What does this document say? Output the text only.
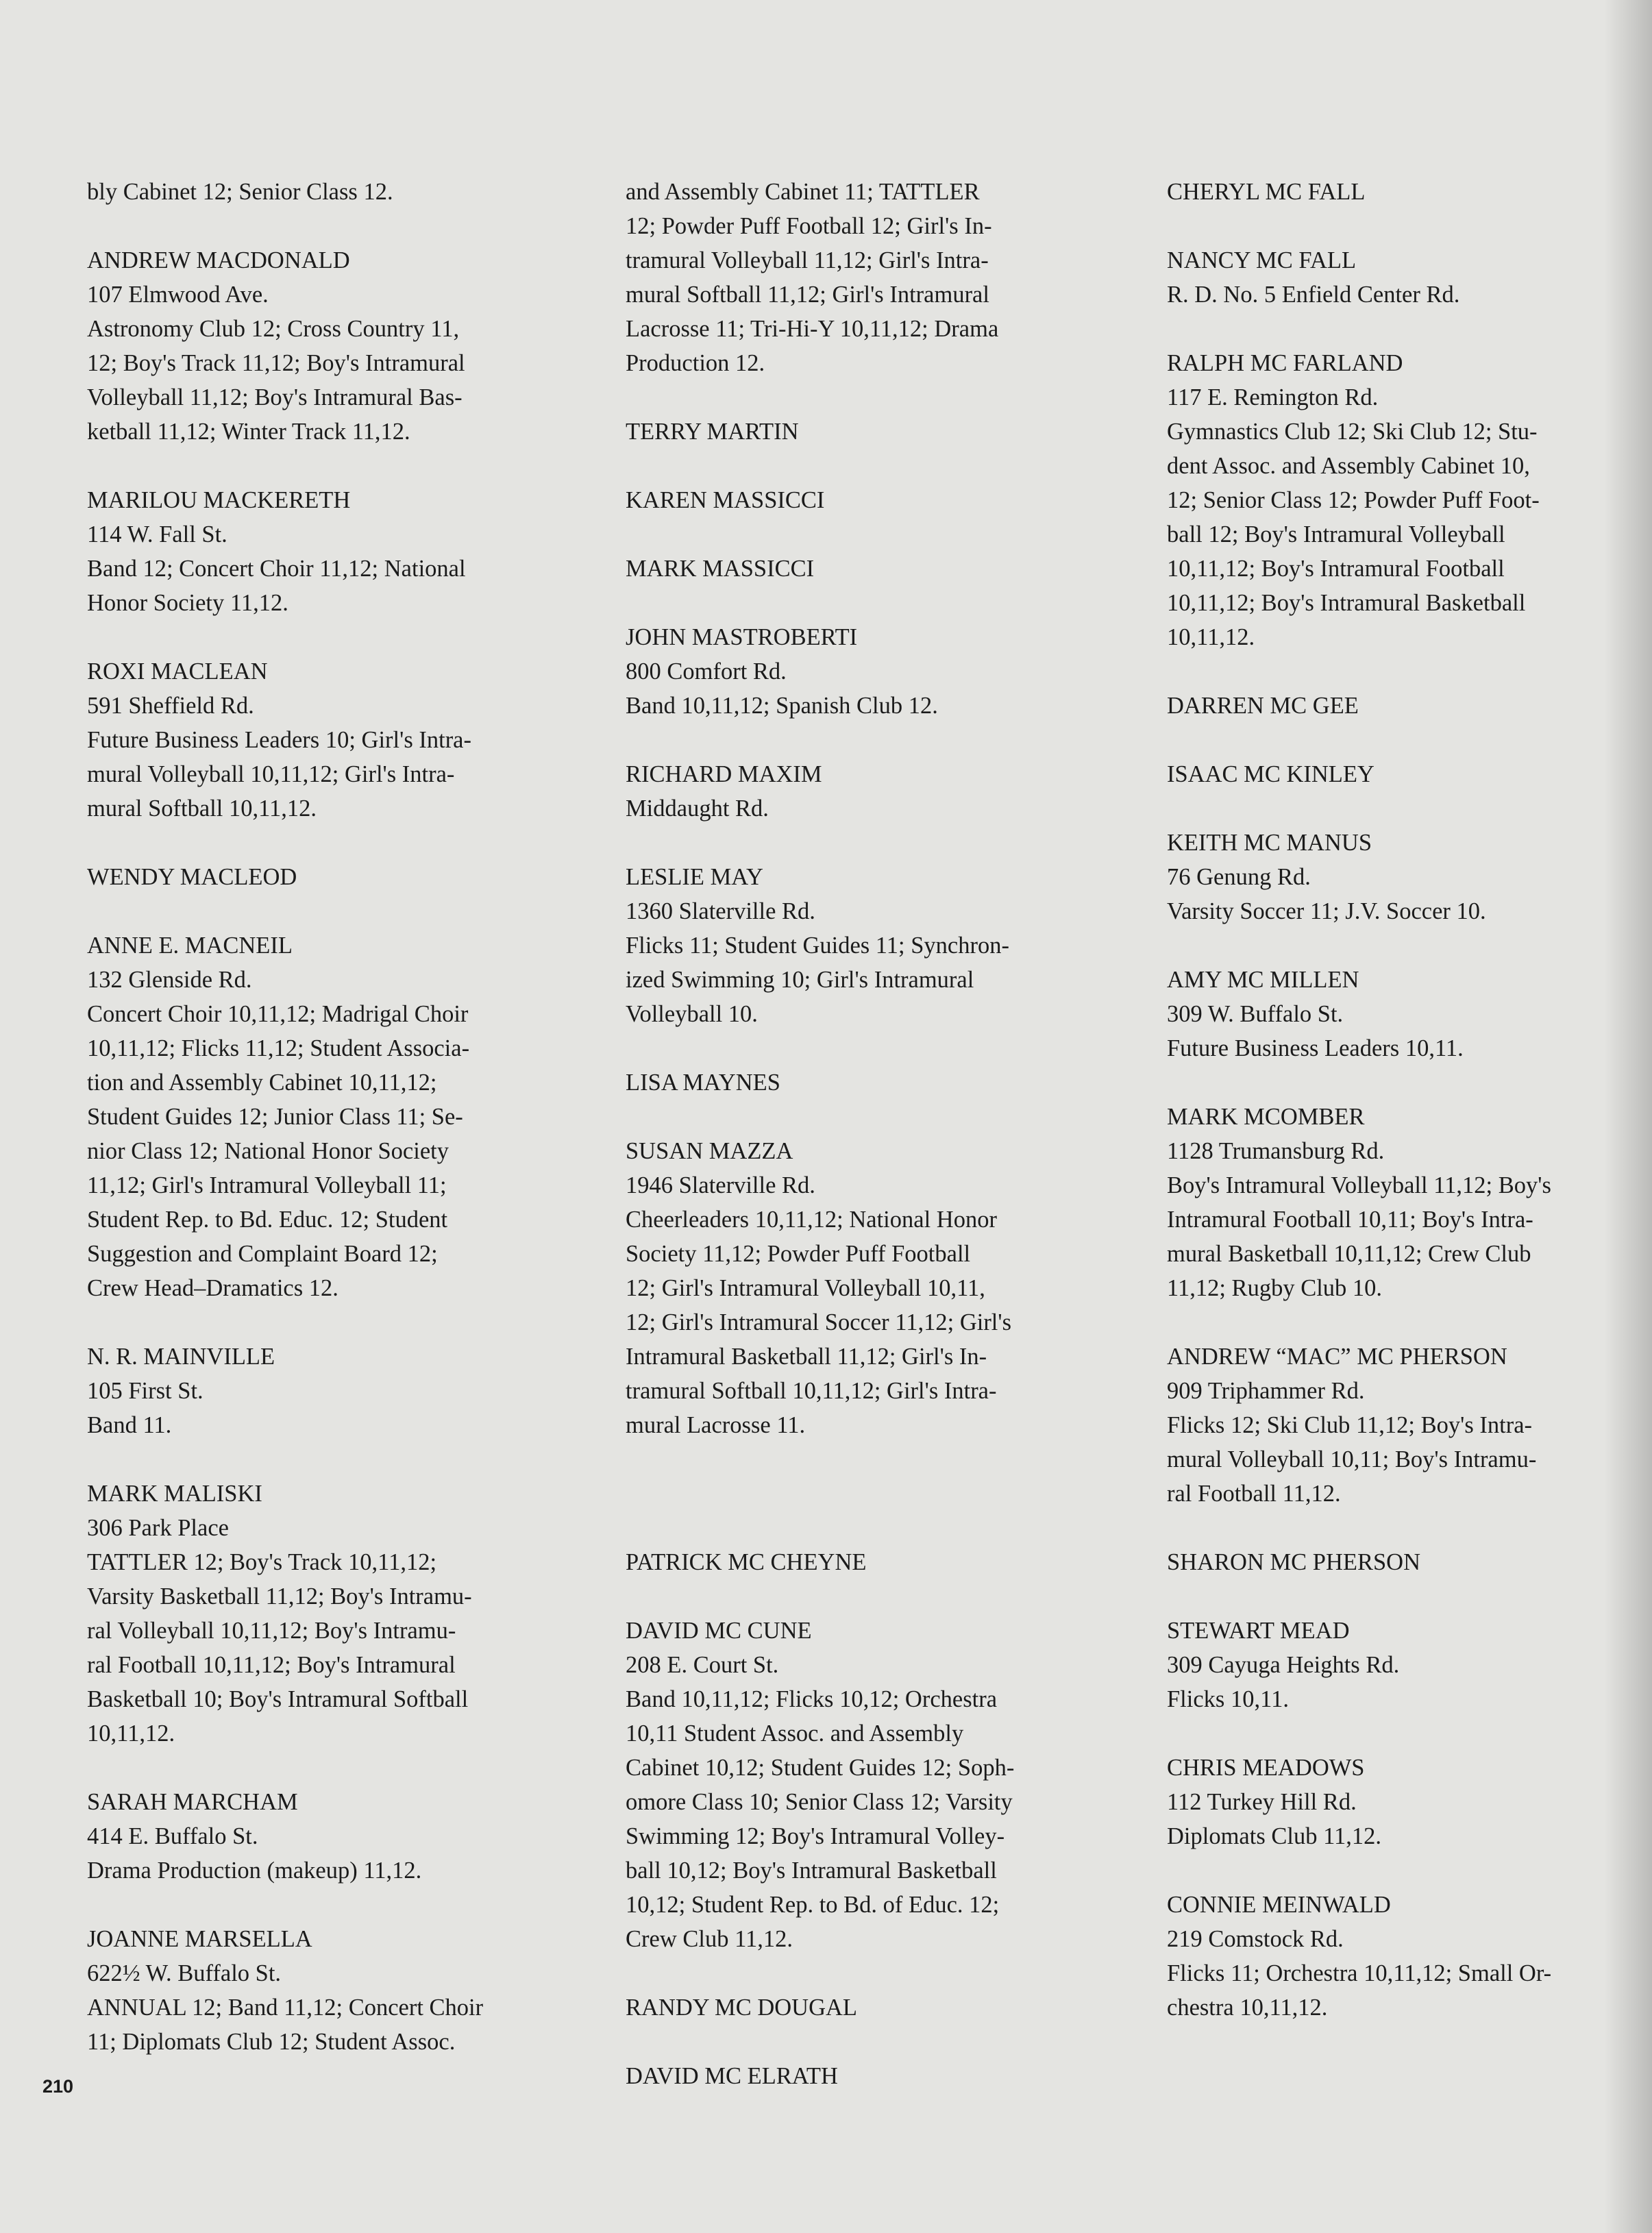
bly Cabinet 12; Senior Class 12.
ANDREW MACDONALD
107 Elmwood Ave.
Astronomy Club 12; Cross Country 11,
12; Boy's Track 11,12; Boy's Intramural
Volleyball 11,12; Boy's Intramural Bas-
ketball 11,12; Winter Track 11,12.
MARILOU MACKERETH
114 W. Fall St.
Band 12; Concert Choir 11,12; National
Honor Society 11,12.
ROXI MACLEAN
591 Sheffield Rd.
Future Business Leaders 10; Girl's Intra-
mural Volleyball 10,11,12; Girl's Intra-
mural Softball 10,11,12.
WENDY MACLEOD
ANNE E. MACNEIL
132 Glenside Rd.
Concert Choir 10,11,12; Madrigal Choir
10,11,12; Flicks 11,12; Student Associa-
tion and Assembly Cabinet 10,11,12;
Student Guides 12; Junior Class 11; Se-
nior Class 12; National Honor Society
11,12; Girl's Intramural Volleyball 11;
Student Rep. to Bd. Educ. 12; Student
Suggestion and Complaint Board 12;
Crew Head–Dramatics 12.
N. R. MAINVILLE
105 First St.
Band 11.
MARK MALISKI
306 Park Place
TATTLER 12; Boy's Track 10,11,12;
Varsity Basketball 11,12; Boy's Intramu-
ral Volleyball 10,11,12; Boy's Intramu-
ral Football 10,11,12; Boy's Intramural
Basketball 10; Boy's Intramural Softball
10,11,12.
SARAH MARCHAM
414 E. Buffalo St.
Drama Production (makeup) 11,12.
JOANNE MARSELLA
622½ W. Buffalo St.
ANNUAL 12; Band 11,12; Concert Choir
11; Diplomats Club 12; Student Assoc.
and Assembly Cabinet 11; TATTLER
12; Powder Puff Football 12; Girl's In-
tramural Volleyball 11,12; Girl's Intra-
mural Softball 11,12; Girl's Intramural
Lacrosse 11; Tri-Hi-Y 10,11,12; Drama
Production 12.
TERRY MARTIN
KAREN MASSICCI
MARK MASSICCI
JOHN MASTROBERTI
800 Comfort Rd.
Band 10,11,12; Spanish Club 12.
RICHARD MAXIM
Middaught Rd.
LESLIE MAY
1360 Slaterville Rd.
Flicks 11; Student Guides 11; Synchron-
ized Swimming 10; Girl's Intramural
Volleyball 10.
LISA MAYNES
SUSAN MAZZA
1946 Slaterville Rd.
Cheerleaders 10,11,12; National Honor
Society 11,12; Powder Puff Football
12; Girl's Intramural Volleyball 10,11,
12; Girl's Intramural Soccer 11,12; Girl's
Intramural Basketball 11,12; Girl's In-
tramural Softball 10,11,12; Girl's Intra-
mural Lacrosse 11.
PATRICK MC CHEYNE
DAVID MC CUNE
208 E. Court St.
Band 10,11,12; Flicks 10,12; Orchestra
10,11 Student Assoc. and Assembly
Cabinet 10,12; Student Guides 12; Soph-
omore Class 10; Senior Class 12; Varsity
Swimming 12; Boy's Intramural Volley-
ball 10,12; Boy's Intramural Basketball
10,12; Student Rep. to Bd. of Educ. 12;
Crew Club 11,12.
RANDY MC DOUGAL
DAVID MC ELRATH
CHERYL MC FALL
NANCY MC FALL
R. D. No. 5 Enfield Center Rd.
RALPH MC FARLAND
117 E. Remington Rd.
Gymnastics Club 12; Ski Club 12; Stu-
dent Assoc. and Assembly Cabinet 10,
12; Senior Class 12; Powder Puff Foot-
ball 12; Boy's Intramural Volleyball
10,11,12; Boy's Intramural Football
10,11,12; Boy's Intramural Basketball
10,11,12.
DARREN MC GEE
ISAAC MC KINLEY
KEITH MC MANUS
76 Genung Rd.
Varsity Soccer 11; J.V. Soccer 10.
AMY MC MILLEN
309 W. Buffalo St.
Future Business Leaders 10,11.
MARK MCOMBER
1128 Trumansburg Rd.
Boy's Intramural Volleyball 11,12; Boy's
Intramural Football 10,11; Boy's Intra-
mural Basketball 10,11,12; Crew Club
11,12; Rugby Club 10.
ANDREW “MAC” MC PHERSON
909 Triphammer Rd.
Flicks 12; Ski Club 11,12; Boy's Intra-
mural Volleyball 10,11; Boy's Intramu-
ral Football 11,12.
SHARON MC PHERSON
STEWART MEAD
309 Cayuga Heights Rd.
Flicks 10,11.
CHRIS MEADOWS
112 Turkey Hill Rd.
Diplomats Club 11,12.
CONNIE MEINWALD
219 Comstock Rd.
Flicks 11; Orchestra 10,11,12; Small Or-
chestra 10,11,12.
210
